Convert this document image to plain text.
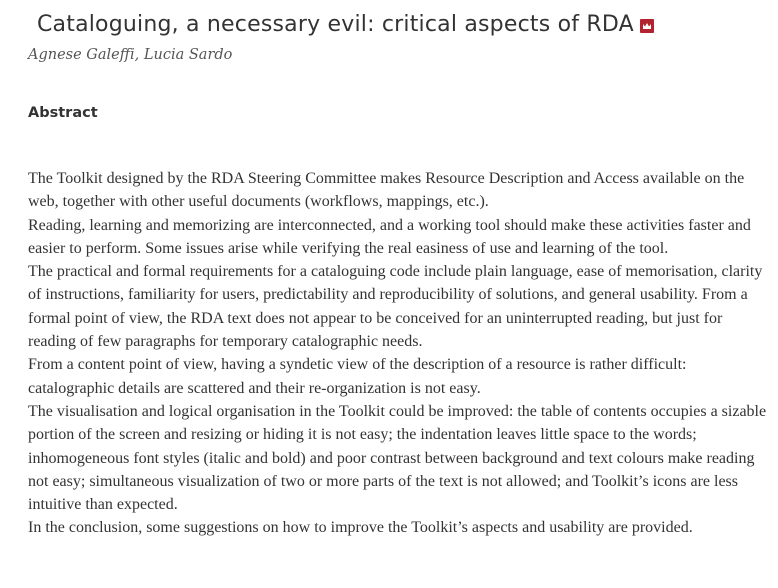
Cataloguing, a necessary evil: critical aspects of RDA

Agnese Galeffi, Lucia Sardo

Abstract

The Toolkit designed by the RDA Steering Committee makes Resource Description and Access available on the web, together with other useful documents (workflows, mappings, etc.).

Reading, learning and memorizing are interconnected, and a working tool should make these activities faster and easier to perform. Some issues arise while verifying the real easiness of use and learning of the tool.

The practical and formal requirements for a cataloguing code include plain language, ease of memorisation, clarity of instructions, familiarity for users, predictability and reproducibility of solutions, and general usability. From a formal point of view, the RDA text does not appear to be conceived for an uninterrupted reading, but just for reading of few paragraphs for temporary catalographic needs.

From a content point of view, having a syndetic view of the description of a resource is rather difficult: catalographic details are scattered and their re-organization is not easy.

The visualisation and logical organisation in the Toolkit could be improved: the table of contents occupies a sizable portion of the screen and resizing or hiding it is not easy; the indentation leaves little space to the words; inhomogeneous font styles (italic and bold) and poor contrast between background and text colours make reading not easy; simultaneous visualization of two or more parts of the text is not allowed; and Toolkit’s icons are less intuitive than expected.

In the conclusion, some suggestions on how to improve the Toolkit’s aspects and usability are provided.
